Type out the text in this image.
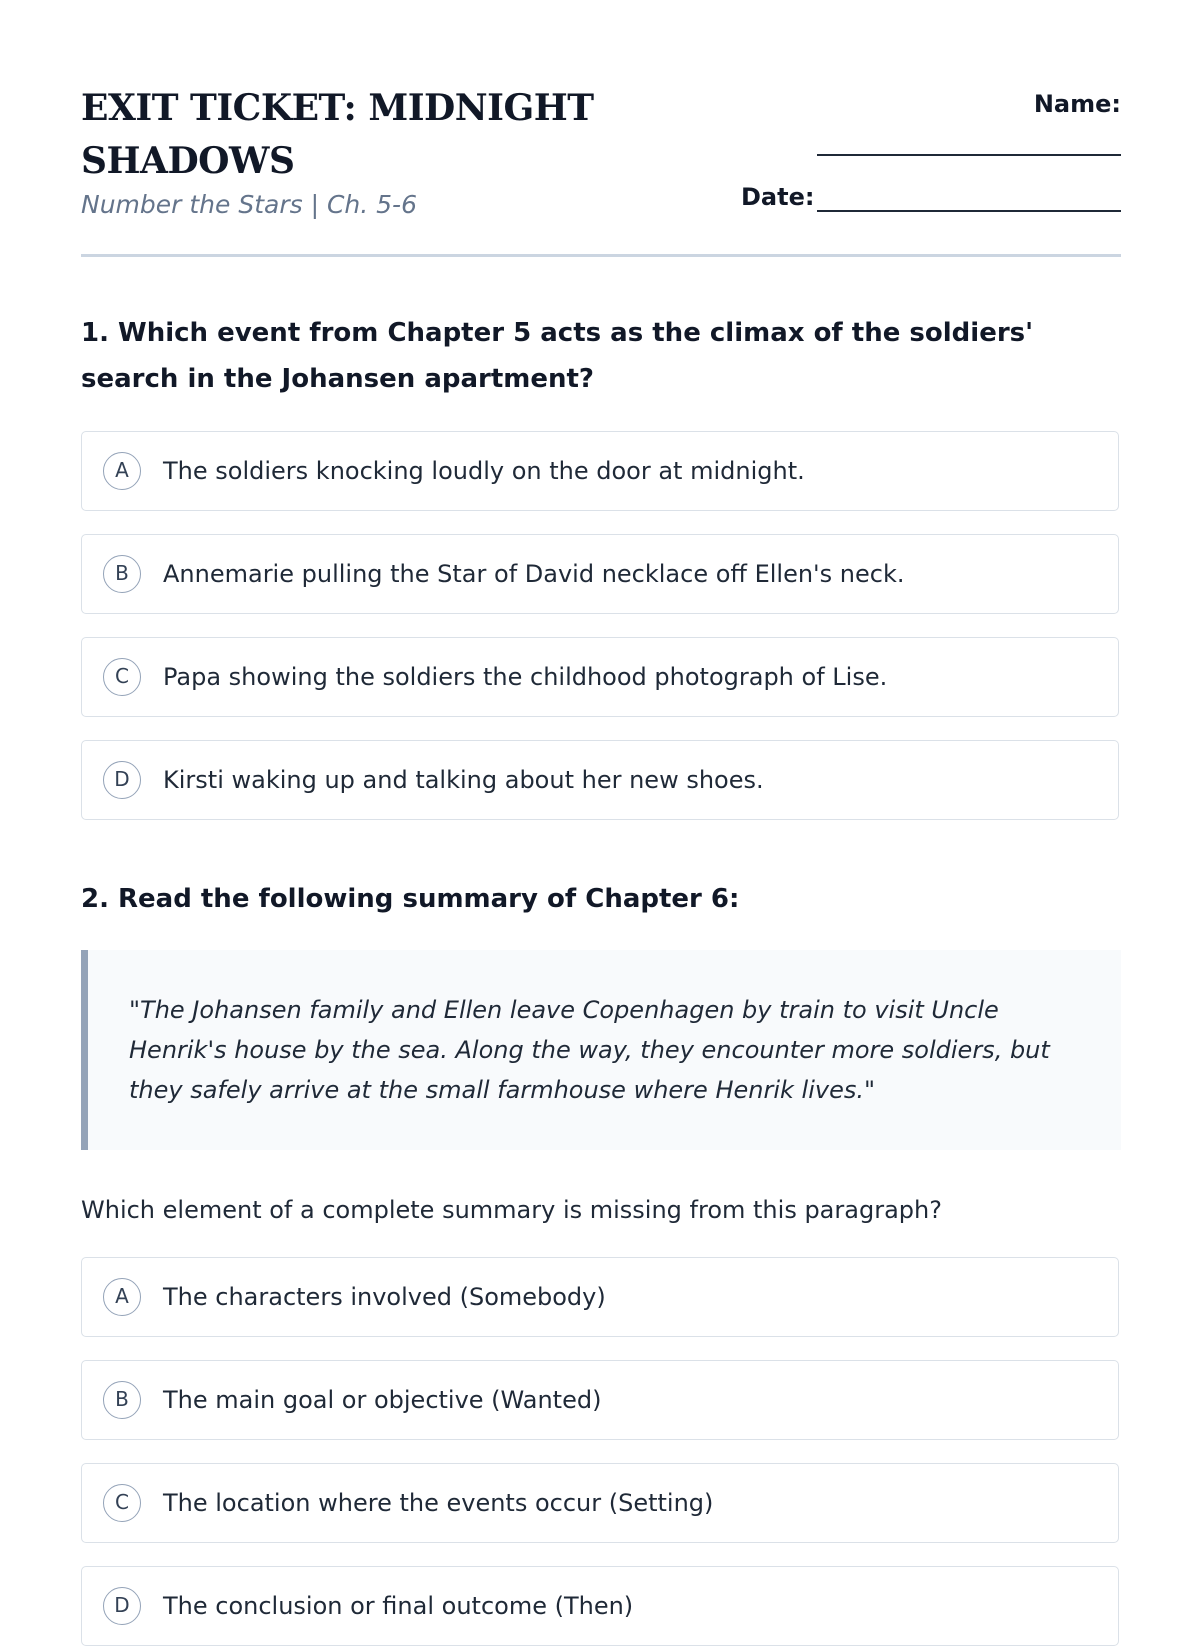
EXIT TICKET: MIDNIGHT SHADOWS
Number the Stars | Ch. 5-6
Name:
Date:

1. Which event from Chapter 5 acts as the climax of the soldiers' search in the Johansen apartment?

A	The soldiers knocking loudly on the door at midnight.
B	Annemarie pulling the Star of David necklace off Ellen's neck.
C	Papa showing the soldiers the childhood photograph of Lise.
D	Kirsti waking up and talking about her new shoes.

2. Read the following summary of Chapter 6:

"The Johansen family and Ellen leave Copenhagen by train to visit Uncle Henrik's house by the sea. Along the way, they encounter more soldiers, but they safely arrive at the small farmhouse where Henrik lives."

Which element of a complete summary is missing from this paragraph?

A	The characters involved (Somebody)
B	The main goal or objective (Wanted)
C	The location where the events occur (Setting)
D	The conclusion or final outcome (Then)
